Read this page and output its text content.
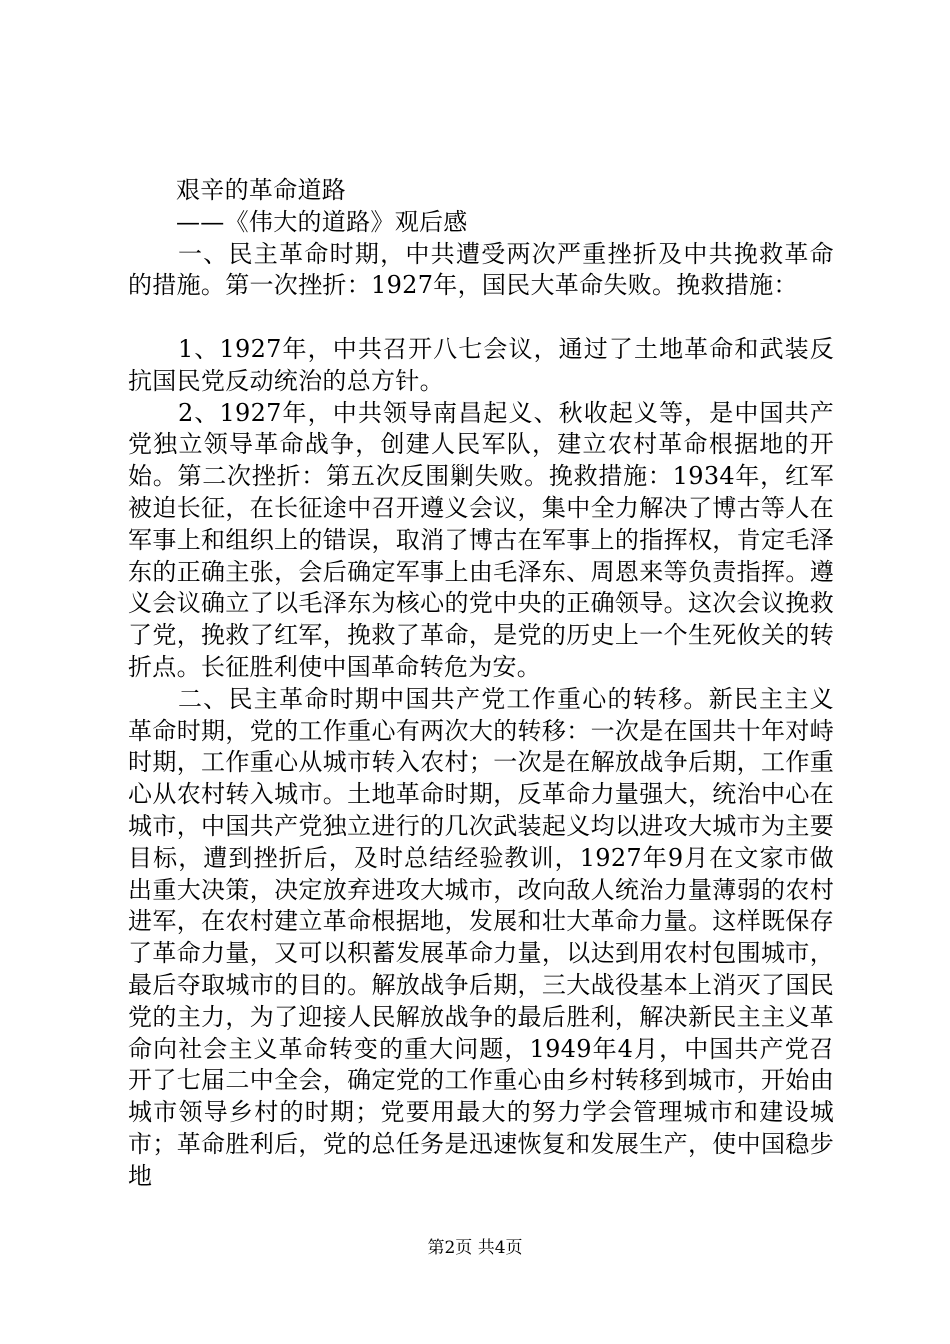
艰辛的革命道路

——《伟大的道路》观后感

一、民主革命时期，中共遭受两次严重挫折及中共挽救革命的措施。第一次挫折：1927年，国民大革命失败。挽救措施：

1、1927年，中共召开八七会议，通过了土地革命和武装反抗国民党反动统治的总方针。

2、1927年，中共领导南昌起义、秋收起义等，是中国共产党独立领导革命战争，创建人民军队，建立农村革命根据地的开始。第二次挫折：第五次反围剿失败。挽救措施：1934年，红军被迫长征，在长征途中召开遵义会议，集中全力解决了博古等人在军事上和组织上的错误，取消了博古在军事上的指挥权，肯定毛泽东的正确主张，会后确定军事上由毛泽东、周恩来等负责指挥。遵义会议确立了以毛泽东为核心的党中央的正确领导。这次会议挽救了党，挽救了红军，挽救了革命，是党的历史上一个生死攸关的转折点。长征胜利使中国革命转危为安。

二、民主革命时期中国共产党工作重心的转移。新民主主义革命时期，党的工作重心有两次大的转移：一次是在国共十年对峙时期，工作重心从城市转入农村；一次是在解放战争后期，工作重心从农村转入城市。土地革命时期，反革命力量强大，统治中心在城市，中国共产党独立进行的几次武装起义均以进攻大城市为主要目标，遭到挫折后，及时总结经验教训，1927年9月在文家市做出重大决策，决定放弃进攻大城市，改向敌人统治力量薄弱的农村进军，在农村建立革命根据地，发展和壮大革命力量。这样既保存了革命力量，又可以积蓄发展革命力量，以达到用农村包围城市，最后夺取城市的目的。解放战争后期，三大战役基本上消灭了国民党的主力，为了迎接人民解放战争的最后胜利，解决新民主主义革命向社会主义革命转变的重大问题，1949年4月，中国共产党召开了七届二中全会，确定党的工作重心由乡村转移到城市，开始由城市领导乡村的时期；党要用最大的努力学会管理城市和建设城市；革命胜利后，党的总任务是迅速恢复和发展生产，使中国稳步地

第2页 共4页
